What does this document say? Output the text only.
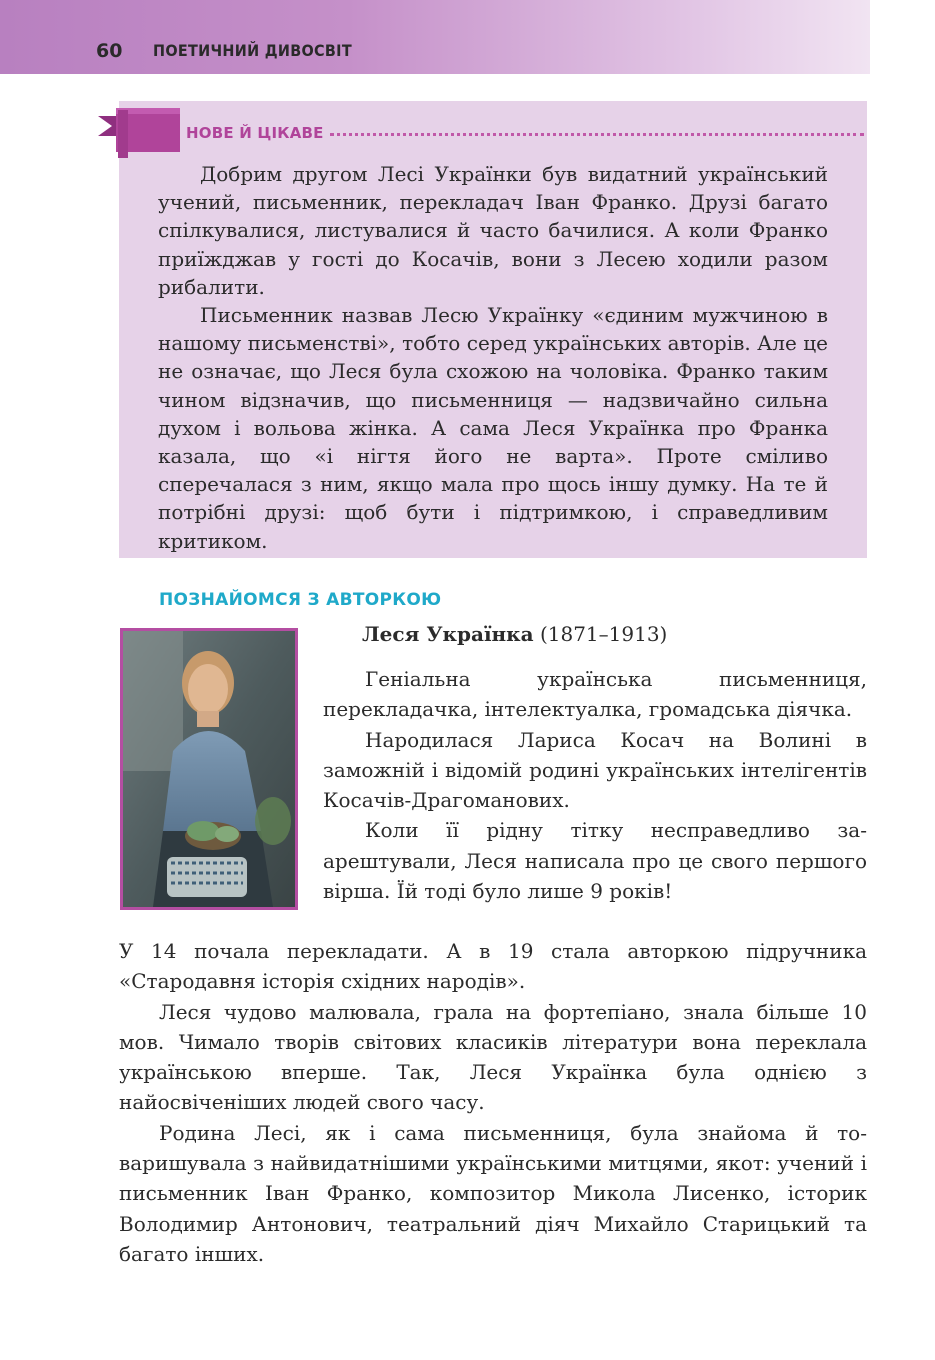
60 ПОЕТИЧНИЙ ДИВОСВІТ
НОВЕ Й ЦІКАВЕ

Добрим другом Лесі Українки був видатний український учений, письменник, перекладач Іван Франко. Друзі багато спілкувалися, листувалися й часто бачилися. А коли Франко приїжджав у гості до Косачів, вони з Лесею ходили разом рибалити.

Письменник назвав Лесю Українку «єдиним мужчиною в нашому письменстві», тобто серед українських авторів. Але це не означає, що Леся була схожою на чоловіка. Франко таким чином відзначив, що письменниця — надзвичайно сильна духом і вольова жінка. А сама Леся Українка про Франка казала, що «і нігтя його не варта». Проте сміливо сперечалася з ним, якщо мала про щось іншу думку. На те й потрібні друзі: щоб бути і підтримкою, і справедливим критиком.

ПОЗНАЙОМСЯ З АВТОРКОЮ
Леся Українка (1871–1913)

Геніальна українська письменниця, перекладачка, інтелектуалка, громадська діячка.

Народилася Лариса Косач на Волині в заможній і відомій родині українських інтелігентів Косачів-Драгоманових.

Коли її рідну тітку несправедливо заарештували, Леся написала про це свого першого вірша. Їй тоді було лише 9 років!

У 14 почала перекладати. А в 19 стала авторкою підручника «Стародавня історія східних народів».

Леся чудово малювала, грала на фортепіано, знала більше 10 мов. Чимало творів світових класиків літератури вона переклала українською вперше. Так, Леся Українка була однією з найосвіченіших людей свого часу.

Родина Лесі, як і сама письменниця, була знайома й товаришувала з найвидатнішими українськими митцями, якот: учений і письменник Іван Франко, композитор Микола Лисенко, історик Володимир Антонович, театральний діяч Михайло Старицький та багато інших.
